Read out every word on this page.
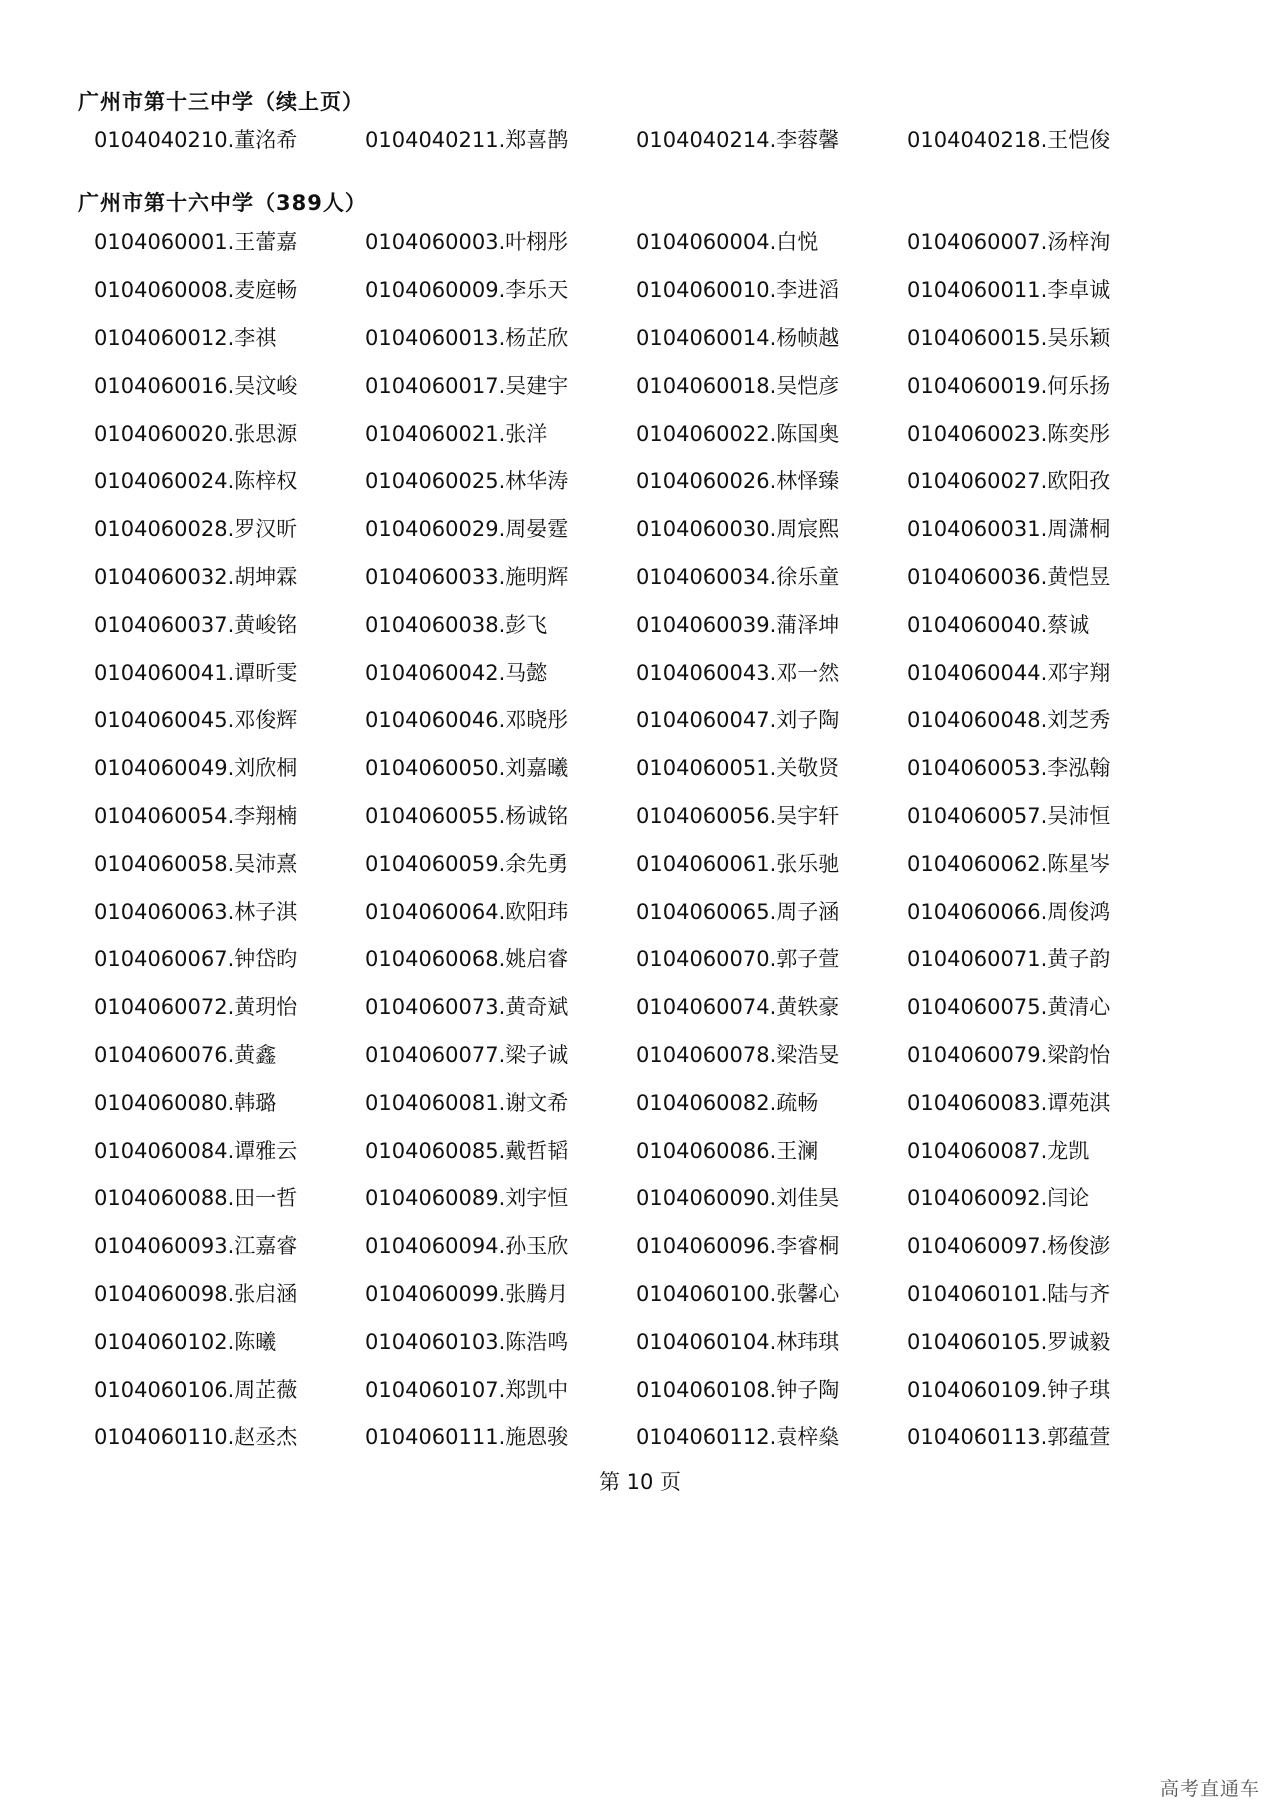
广州市第十三中学（续上页）
0104040210.董洺希	0104040211.郑喜鹊	0104040214.李蓉馨	0104040218.王恺俊
广州市第十六中学（389人）
0104060001.王蕾嘉	0104060003.叶栩彤	0104060004.白悦	0104060007.汤梓洵
0104060008.麦庭畅	0104060009.李乐天	0104060010.李进滔	0104060011.李卓诚
0104060012.李祺	0104060013.杨芷欣	0104060014.杨帧越	0104060015.吴乐颖
0104060016.吴汶峻	0104060017.吴建宇	0104060018.吴恺彦	0104060019.何乐扬
0104060020.张思源	0104060021.张洋	0104060022.陈国奥	0104060023.陈奕彤
0104060024.陈梓权	0104060025.林华涛	0104060026.林怿臻	0104060027.欧阳孜
0104060028.罗汉昕	0104060029.周晏霆	0104060030.周宸熙	0104060031.周潇桐
0104060032.胡坤霖	0104060033.施明辉	0104060034.徐乐童	0104060036.黄恺昱
0104060037.黄峻铭	0104060038.彭飞	0104060039.蒲泽坤	0104060040.蔡诚
0104060041.谭昕雯	0104060042.马懿	0104060043.邓一然	0104060044.邓宇翔
0104060045.邓俊辉	0104060046.邓晓彤	0104060047.刘子陶	0104060048.刘芝秀
0104060049.刘欣桐	0104060050.刘嘉曦	0104060051.关敬贤	0104060053.李泓翰
0104060054.李翔楠	0104060055.杨诚铭	0104060056.吴宇轩	0104060057.吴沛恒
0104060058.吴沛熹	0104060059.余先勇	0104060061.张乐驰	0104060062.陈星岑
0104060063.林子淇	0104060064.欧阳玮	0104060065.周子涵	0104060066.周俊鸿
0104060067.钟岱昀	0104060068.姚启睿	0104060070.郭子萱	0104060071.黄子韵
0104060072.黄玥怡	0104060073.黄奇斌	0104060074.黄轶豪	0104060075.黄清心
0104060076.黄鑫	0104060077.梁子诚	0104060078.梁浩旻	0104060079.梁韵怡
0104060080.韩璐	0104060081.谢文希	0104060082.疏畅	0104060083.谭苑淇
0104060084.谭雅云	0104060085.戴哲韬	0104060086.王澜	0104060087.龙凯
0104060088.田一哲	0104060089.刘宇恒	0104060090.刘佳昊	0104060092.闫论
0104060093.江嘉睿	0104060094.孙玉欣	0104060096.李睿桐	0104060097.杨俊澎
0104060098.张启涵	0104060099.张腾月	0104060100.张馨心	0104060101.陆与齐
0104060102.陈曦	0104060103.陈浩鸣	0104060104.林玮琪	0104060105.罗诚毅
0104060106.周芷薇	0104060107.郑凯中	0104060108.钟子陶	0104060109.钟子琪
0104060110.赵丞杰	0104060111.施恩骏	0104060112.袁梓燊	0104060113.郭蕴萱
第 10 页
高考直通车
